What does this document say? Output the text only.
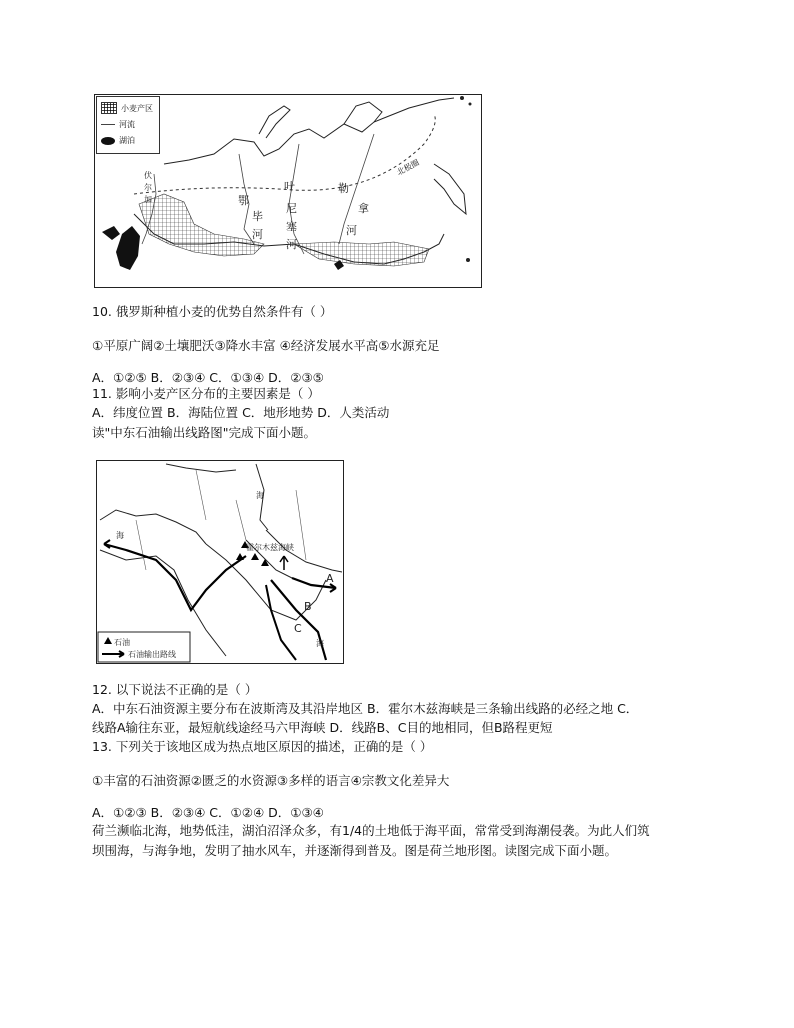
小麦产区
河流
湖泊
伏
尔
加	鄂
毕
河
叶
尼
塞
河
勒
拿
河
北极圈
10. 俄罗斯种植小麦的优势自然条件有（ ）
①平原广阔②土壤肥沃③降水丰富 ④经济发展水平高⑤水源充足
A．①②⑤ B．②③④ C．①③④ D．②③⑤
11. 影响小麦产区分布的主要因素是（ ）
A．纬度位置 B．海陆位置 C．地形地势 D．人类活动
读"中东石油输出线路图"完成下面小题。
石油
石油输出路线
霍尔木兹海峡
A
B
C
海
海
海
12. 以下说法不正确的是（ ）
A．中东石油资源主要分布在波斯湾及其沿岸地区 B．霍尔木兹海峡是三条输出线路的必经之地 C．
线路A输往东亚，最短航线途经马六甲海峡 D．线路B、C目的地相同，但B路程更短
13. 下列关于该地区成为热点地区原因的描述，正确的是（ ）
①丰富的石油资源②匮乏的水资源③多样的语言④宗教文化差异大
A．①②③ B．②③④ C．①②④ D．①③④
荷兰濒临北海，地势低洼，湖泊沼泽众多，有1/4的土地低于海平面，常常受到海潮侵袭。为此人们筑
坝围海，与海争地，发明了抽水风车，并逐渐得到普及。图是荷兰地形图。读图完成下面小题。
